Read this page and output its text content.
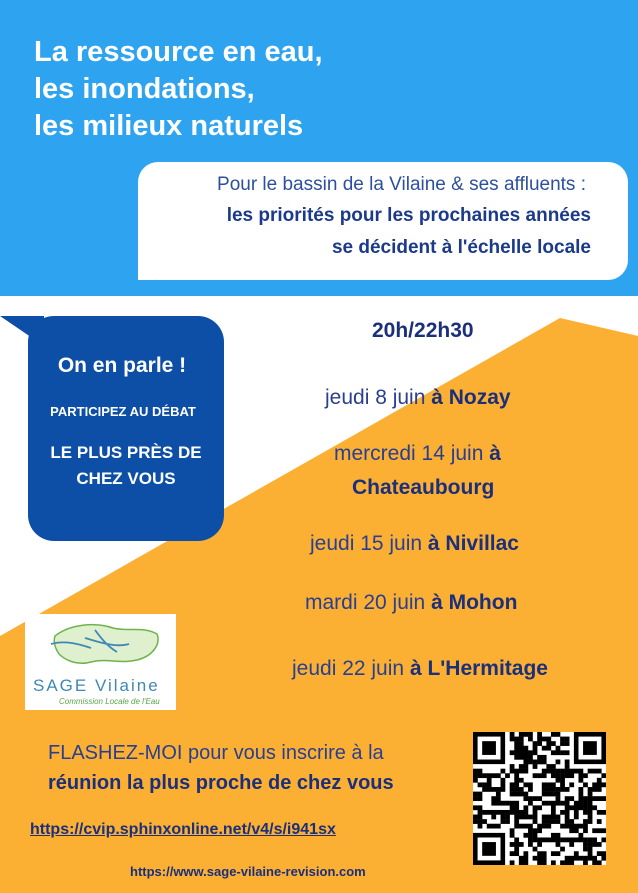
La ressource en eau,
les inondations,
les milieux naturels
Pour le bassin de la Vilaine & ses affluents :
les priorités pour les prochaines années
se décident à l'échelle locale
On en parle !
PARTICIPEZ AU DÉBAT
LE PLUS PRÈS DE
CHEZ VOUS
20h/22h30
jeudi 8 juin à Nozay
mercredi 14 juin à
Chateaubourg
jeudi 15 juin à Nivillac
mardi 20 juin à Mohon
jeudi 22 juin à L'Hermitage
SAGE Vilaine
Commission Locale de l'Eau
FLASHEZ-MOI pour vous inscrire à la
réunion la plus proche de chez vous
https://cvip.sphinxonline.net/v4/s/i941sx
https://www.sage-vilaine-revision.com
